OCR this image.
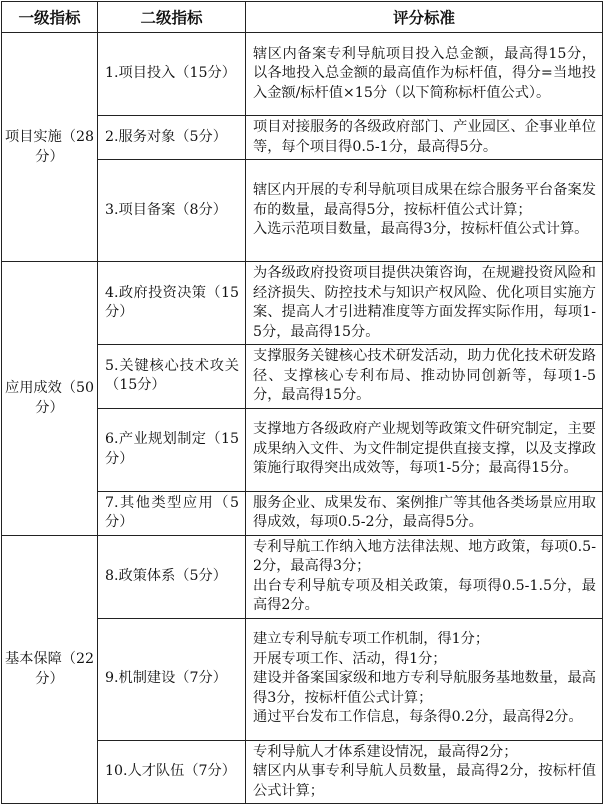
一级指标	二级指标	评分标准
项目实施（28分）	1.项目投入（15分）	辖区内备案专利导航项目投入总金额，最高得15分，以各地投入总金额的最高值作为标杆值，得分=当地投入金额/标杆值×15分（以下简称标杆值公式）。

	2.服务对象（5分）	项目对接服务的各级政府部门、产业园区、企事业单位等，每个项目得0.5-1分，最高得5分。

	3.项目备案（8分）	辖区内开展的专利导航项目成果在综合服务平台备案发布的数量，最高得5分，按标杆值公式计算；
入选示范项目数量，最高得3分，按标杆值公式计算。

应用成效（50分）	4.政府投资决策（15分）	为各级政府投资项目提供决策咨询，在规避投资风险和经济损失、防控技术与知识产权风险、优化项目实施方案、提高人才引进精准度等方面发挥实际作用，每项1-5分，最高得15分。

	5.关键核心技术攻关（15分）	支撑服务关键核心技术研发活动，助力优化技术研发路径、支撑核心专利布局、推动协同创新等，每项1-5分，最高得15分。

	6.产业规划制定（15分）	支撑地方各级政府产业规划等政策文件研究制定，主要成果纳入文件、为文件制定提供直接支撑，以及支撑政策施行取得突出成效等，每项1-5分；最高得15分。

	7.其他类型应用（5分）	服务企业、成果发布、案例推广等其他各类场景应用取得成效，每项0.5-2分，最高得5分。

基本保障（22分）	8.政策体系（5分）	专利导航工作纳入地方法律法规、地方政策，每项0.5-2分，最高得3分；
出台专利导航专项及相关政策，每项得0.5-1.5分，最高得2分。

	9.机制建设（7分）	建立专利导航专项工作机制，得1分；
开展专项工作、活动，得1分；
建设并备案国家级和地方专利导航服务基地数量，最高得3分，按标杆值公式计算；
通过平台发布工作信息，每条得0.2分，最高得2分。

	10.人才队伍（7分）	专利导航人才体系建设情况，最高得2分；
辖区内从事专利导航人员数量，最高得2分，按标杆值公式计算；
